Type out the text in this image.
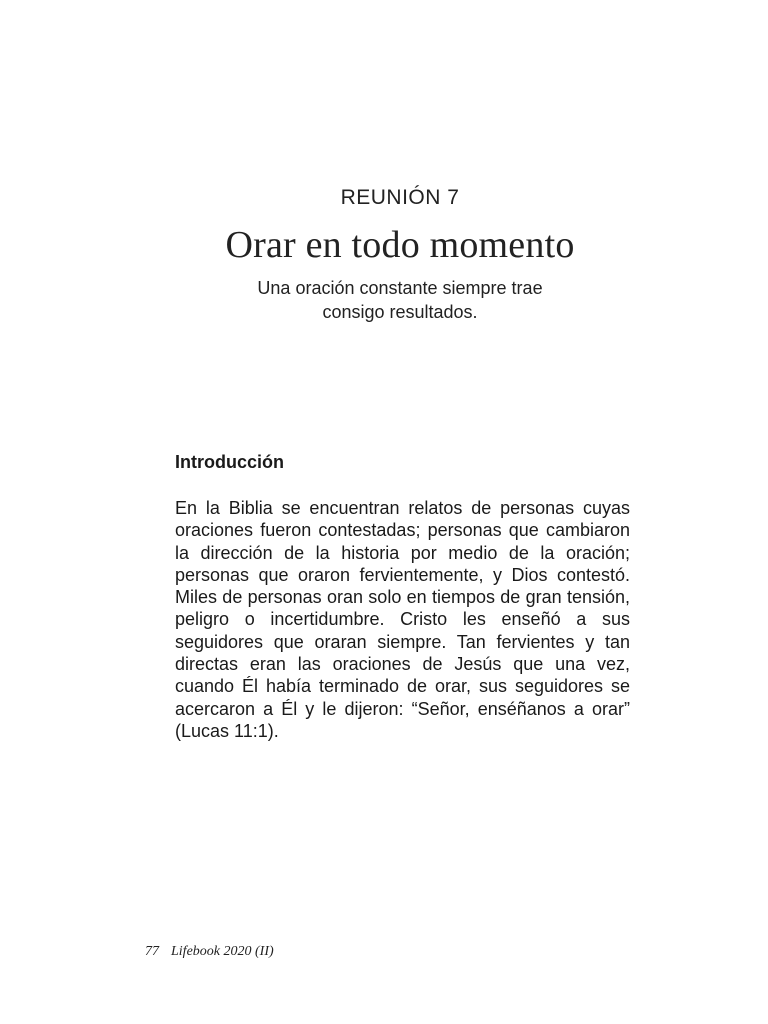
REUNIÓN 7
Orar en todo momento
Una oración constante siempre trae
consigo resultados.
Introducción

En la Biblia se encuentran relatos de personas cuyas oraciones fueron contestadas; personas que cambiaron la dirección de la historia por medio de la oración; personas que oraron fervientemente, y Dios contestó. Miles de personas oran solo en tiempos de gran tensión, peligro o incertidumbre. Cristo les enseñó a sus seguidores que oraran siempre. Tan fervientes y tan directas eran las oraciones de Jesús que una vez, cuando Él había terminado de orar, sus seguidores se acercaron a Él y le dijeron: “Señor, enséñanos a orar” (Lucas 11:1).

77 Lifebook 2020 (II)
